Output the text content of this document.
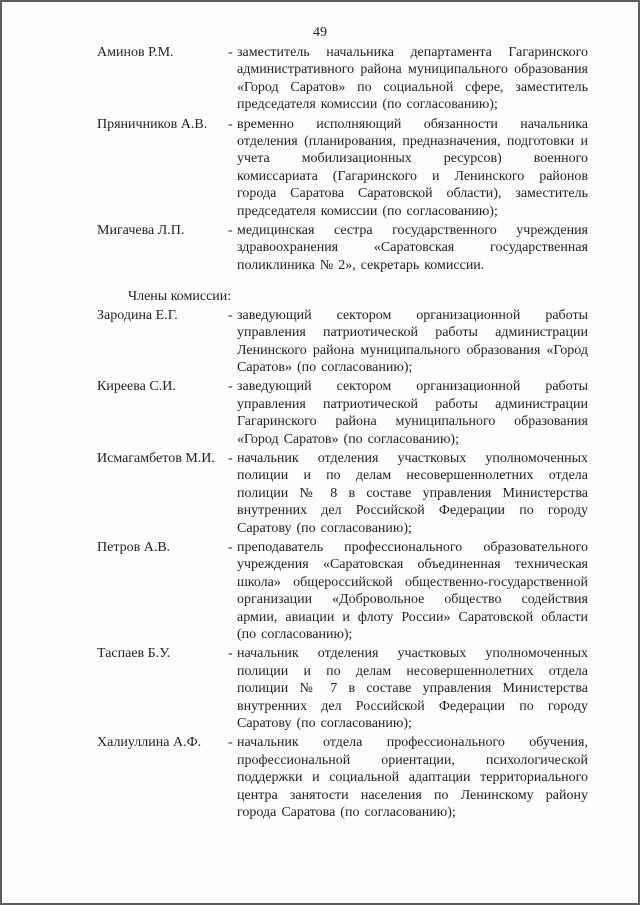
49
Аминов Р.М.	- заместитель начальника департамента Гагаринского административного района муниципального образования «Город Саратов» по социальной сфере, заместитель председателя комиссии (по согласованию);
Пряничников А.В.	- временно исполняющий обязанности начальника отделения (планирования, предназначения, подготовки и учета мобилизационных ресурсов) военного комиссариата (Гагаринского и Ленинского районов города Саратова Саратовской области), заместитель председателя комиссии (по согласованию);
Мигачева Л.П.	- медицинская сестра государственного учреждения здравоохранения «Саратовская государственная поликлиника № 2», секретарь комиссии.
Члены комиссии:
Зародина Е.Г.	- заведующий сектором организационной работы управления патриотической работы администрации Ленинского района муниципального образования «Город Саратов» (по согласованию);
Киреева С.И.	- заведующий сектором организационной работы управления патриотической работы администрации Гагаринского района муниципального образования «Город Саратов» (по согласованию);
Исмагамбетов М.И. - начальник отделения участковых уполномоченных полиции и по делам несовершеннолетних отдела полиции № 8 в составе управления Министерства внутренних дел Российской Федерации по городу Саратову (по согласованию);
Петров А.В.	- преподаватель профессионального образовательного учреждения «Саратовская объединенная техническая школа» общероссийской общественно-государственной организации «Добровольное общество содействия армии, авиации и флоту России» Саратовской области (по согласованию);
Таспаев Б.У.	- начальник отделения участковых уполномоченных полиции и по делам несовершеннолетних отдела полиции № 7 в составе управления Министерства внутренних дел Российской Федерации по городу Саратову (по согласованию);
Халиуллина А.Ф.	- начальник отдела профессионального обучения, профессиональной ориентации, психологической поддержки и социальной адаптации территориального центра занятости населения по Ленинскому району города Саратова (по согласованию);
